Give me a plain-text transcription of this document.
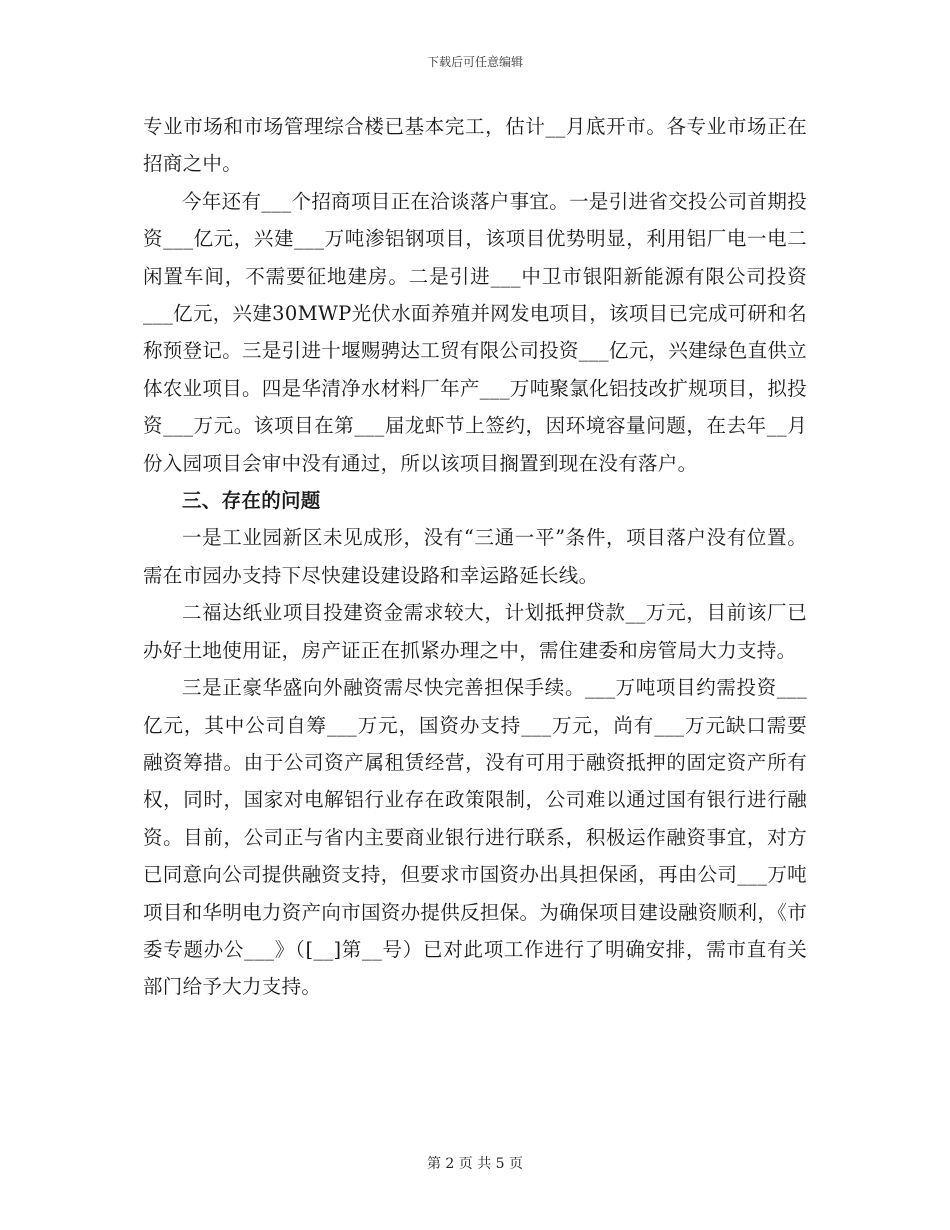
下载后可任意编辑

专业市场和市场管理综合楼已基本完工，估计__月底开市。各专业市场正在招商之中。

今年还有___个招商项目正在洽谈落户事宜。一是引进省交投公司首期投资___亿元，兴建___万吨渗铝钢项目，该项目优势明显，利用铝厂电一电二闲置车间，不需要征地建房。二是引进___中卫市银阳新能源有限公司投资___亿元，兴建30MWP光伏水面养殖并网发电项目，该项目已完成可研和名称预登记。三是引进十堰赐骋达工贸有限公司投资___亿元，兴建绿色直供立体农业项目。四是华清净水材料厂年产___万吨聚氯化铝技改扩规项目，拟投资___万元。该项目在第___届龙虾节上签约，因环境容量问题，在去年__月份入园项目会审中没有通过，所以该项目搁置到现在没有落户。

三、存在的问题

一是工业园新区未见成形，没有“三通一平”条件，项目落户没有位置。需在市园办支持下尽快建设建设路和幸运路延长线。

二福达纸业项目投建资金需求较大，计划抵押贷款__万元，目前该厂已办好土地使用证，房产证正在抓紧办理之中，需住建委和房管局大力支持。

三是正豪华盛向外融资需尽快完善担保手续。___万吨项目约需投资___亿元，其中公司自筹___万元，国资办支持___万元，尚有___万元缺口需要融资筹措。由于公司资产属租赁经营，没有可用于融资抵押的固定资产所有权，同时，国家对电解铝行业存在政策限制，公司难以通过国有银行进行融资。目前，公司正与省内主要商业银行进行联系，积极运作融资事宜，对方已同意向公司提供融资支持，但要求市国资办出具担保函，再由公司___万吨项目和华明电力资产向市国资办提供反担保。为确保项目建设融资顺利，《市委专题办公___》（[__]第__号）已对此项工作进行了明确安排，需市直有关部门给予大力支持。

第 2 页 共 5 页
